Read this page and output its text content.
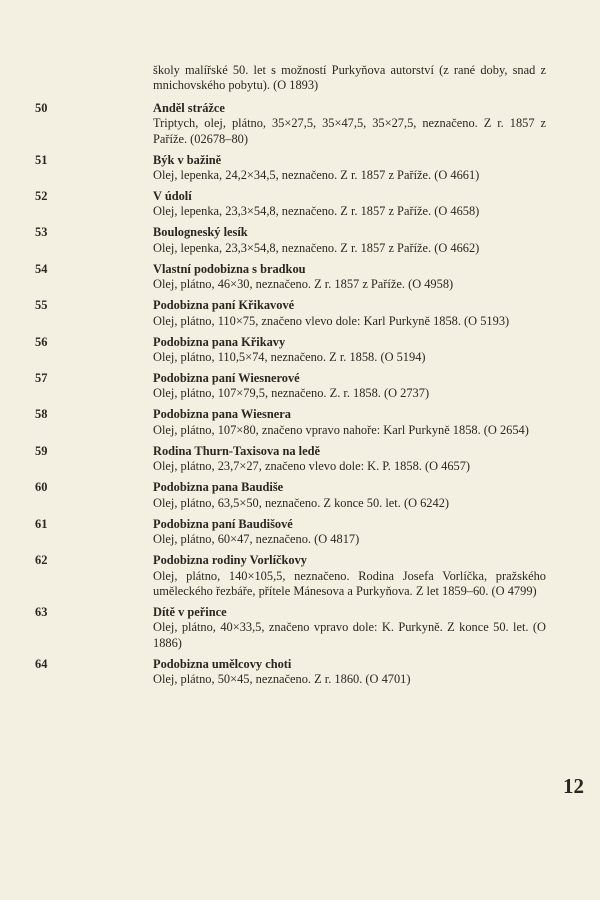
školy malířské 50. let s možností Purkyňova autorství (z rané doby, snad z mnichovského pobytu). (O 1893)
50	Anděl strážce
Triptych, olej, plátno, 35×27,5, 35×47,5, 35×27,5, neznačeno. Z r. 1857 z Paříže. (02678–80)
51	Býk v bažině
Olej, lepenka, 24,2×34,5, neznačeno. Z r. 1857 z Paříže. (O 4661)
52	V údolí
Olej, lepenka, 23,3×54,8, neznačeno. Z r. 1857 z Paříže. (O 4658)
53	Boulogneský lesík
Olej, lepenka, 23,3×54,8, neznačeno. Z r. 1857 z Paříže. (O 4662)
54	Vlastní podobizna s bradkou
Olej, plátno, 46×30, neznačeno. Z r. 1857 z Paříže. (O 4958)
55	Podobizna paní Křikavové
Olej, plátno, 110×75, značeno vlevo dole: Karl Purkyně 1858. (O 5193)
56	Podobizna pana Křikavy
Olej, plátno, 110,5×74, neznačeno. Z r. 1858. (O 5194)
57	Podobizna paní Wiesnerové
Olej, plátno, 107×79,5, neznačeno. Z. r. 1858. (O 2737)
58	Podobizna pana Wiesnera
Olej, plátno, 107×80, značeno vpravo nahoře: Karl Purkyně 1858. (O 2654)
59	Rodina Thurn-Taxisova na ledě
Olej, plátno, 23,7×27, značeno vlevo dole: K. P. 1858. (O 4657)
60	Podobizna pana Baudiše
Olej, plátno, 63,5×50, neznačeno. Z konce 50. let. (O 6242)
61	Podobizna paní Baudišové
Olej, plátno, 60×47, neznačeno. (O 4817)
62	Podobizna rodiny Vorlíčkovy
Olej, plátno, 140×105,5, neznačeno. Rodina Josefa Vorlíčka, pražského uměleckého řezbáře, přítele Mánesova a Purkyňova. Z let 1859–60. (O 4799)
63	Dítě v peřince
Olej, plátno, 40×33,5, značeno vpravo dole: K. Purkyně. Z konce 50. let. (O 1886)
64	Podobizna umělcovy choti
Olej, plátno, 50×45, neznačeno. Z r. 1860. (O 4701)
12
